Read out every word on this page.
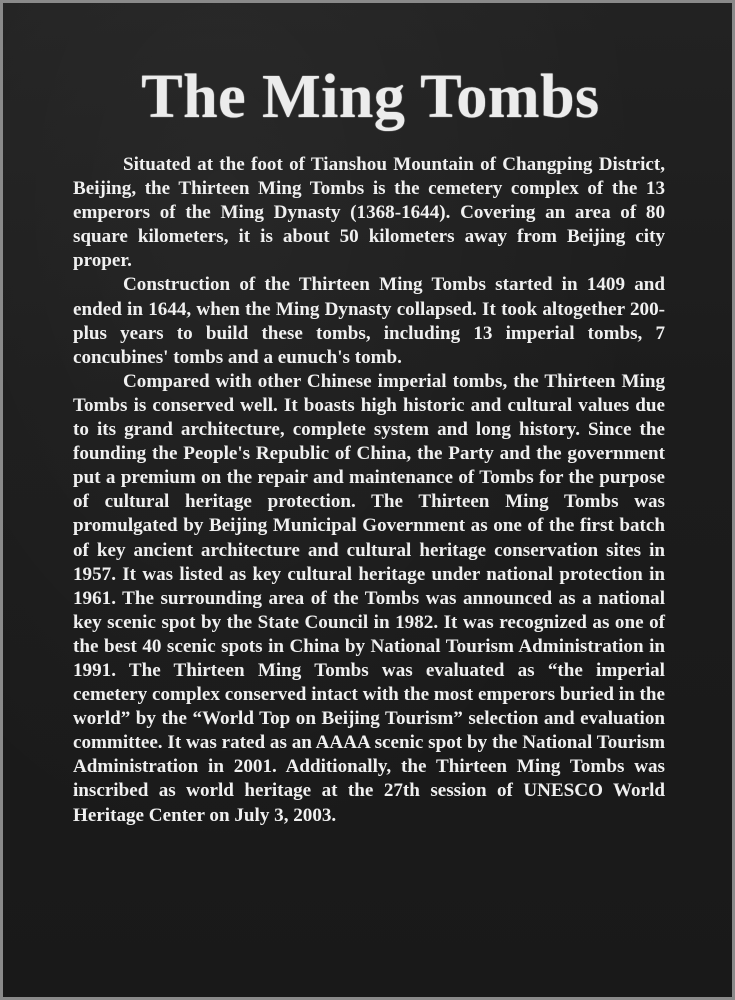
The Ming Tombs

Situated at the foot of Tianshou Mountain of Changping District, Beijing, the Thirteen Ming Tombs is the cemetery complex of the 13 emperors of the Ming Dynasty (1368-1644). Covering an area of 80 square kilometers, it is about 50 kilometers away from Beijing city proper.

Construction of the Thirteen Ming Tombs started in 1409 and ended in 1644, when the Ming Dynasty collapsed. It took altogether 200-plus years to build these tombs, including 13 imperial tombs, 7 concubines' tombs and a eunuch's tomb.

Compared with other Chinese imperial tombs, the Thirteen Ming Tombs is conserved well. It boasts high historic and cultural values due to its grand architecture, complete system and long history. Since the founding the People's Republic of China, the Party and the government put a premium on the repair and maintenance of Tombs for the purpose of cultural heritage protection. The Thirteen Ming Tombs was promulgated by Beijing Municipal Government as one of the first batch of key ancient architecture and cultural heritage conservation sites in 1957. It was listed as key cultural heritage under national protection in 1961. The surrounding area of the Tombs was announced as a national key scenic spot by the State Council in 1982. It was recognized as one of the best 40 scenic spots in China by National Tourism Administration in 1991. The Thirteen Ming Tombs was evaluated as “the imperial cemetery complex conserved intact with the most emperors buried in the world” by the “World Top on Beijing Tourism” selection and evaluation committee. It was rated as an AAAA scenic spot by the National Tourism Administration in 2001. Additionally, the Thirteen Ming Tombs was inscribed as world heritage at the 27th session of UNESCO World Heritage Center on July 3, 2003.
